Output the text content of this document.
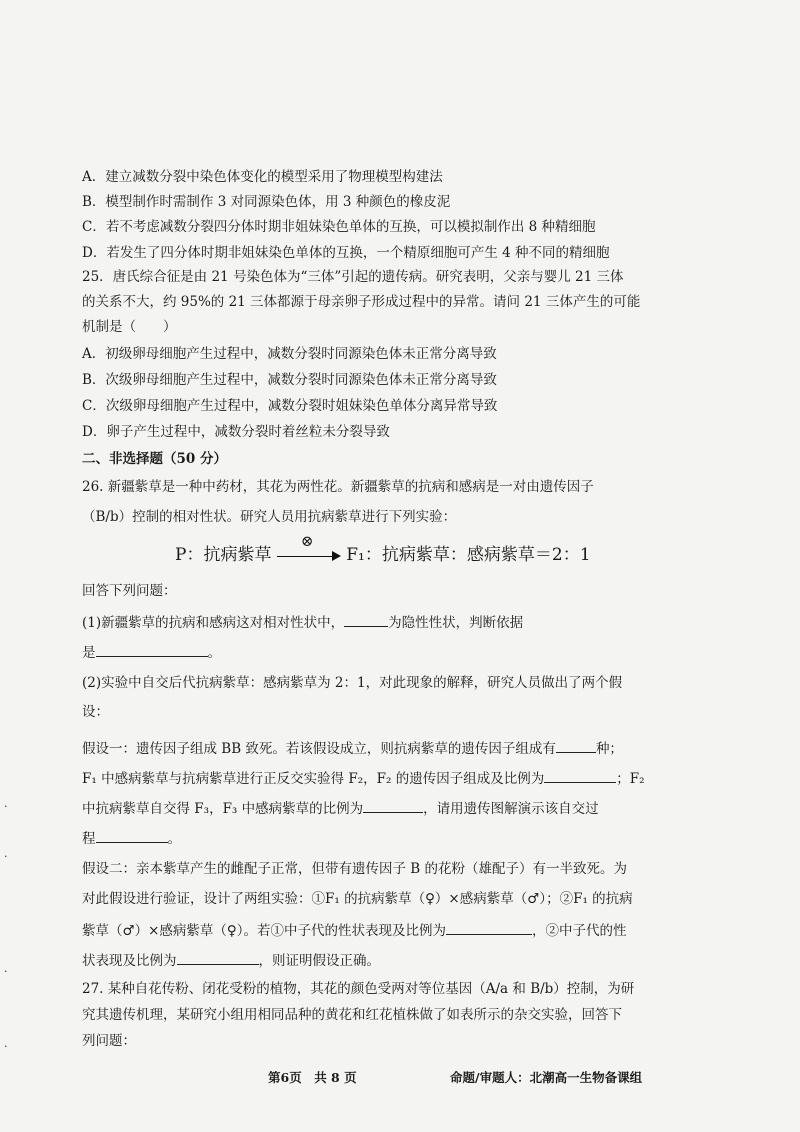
A．建立减数分裂中染色体变化的模型采用了物理模型构建法
B．模型制作时需制作 3 对同源染色体，用 3 种颜色的橡皮泥
C．若不考虑减数分裂四分体时期非姐妹染色单体的互换，可以模拟制作出 8 种精细胞
D．若发生了四分体时期非姐妹染色单体的互换，一个精原细胞可产生 4 种不同的精细胞
25．唐氏综合征是由 21 号染色体为“三体”引起的遗传病。研究表明，父亲与婴儿 21 三体
的关系不大，约 95%的 21 三体都源于母亲卵子形成过程中的异常。请问 21 三体产生的可能
机制是（　　）
A．初级卵母细胞产生过程中，减数分裂时同源染色体未正常分离导致
B．次级卵母细胞产生过程中，减数分裂时同源染色体未正常分离导致
C．次级卵母细胞产生过程中，减数分裂时姐妹染色单体分离异常导致
D．卵子产生过程中，减数分裂时着丝粒未分裂导致
二、非选择题（50 分）
26. 新疆紫草是一种中药材，其花为两性花。新疆紫草的抗病和感病是一对由遗传因子
（B/b）控制的相对性状。研究人员用抗病紫草进行下列实验：
P：抗病紫草
⊗
F₁：抗病紫草：感病紫草＝2：1
回答下列问题：
(1)新疆紫草的抗病和感病这对相对性状中，	为隐性性状，判断依据
是	。
(2)实验中自交后代抗病紫草：感病紫草为 2：1，对此现象的解释，研究人员做出了两个假
设：
假设一：遗传因子组成 BB 致死。若该假设成立，则抗病紫草的遗传因子组成有	种；
F₁ 中感病紫草与抗病紫草进行正反交实验得 F₂，F₂ 的遗传因子组成及比例为	；F₂
中抗病紫草自交得 F₃，F₃ 中感病紫草的比例为	，请用遗传图解演示该自交过
程	。
假设二：亲本紫草产生的雌配子正常，但带有遗传因子 B 的花粉（雄配子）有一半致死。为
对此假设进行验证，设计了两组实验：①F₁ 的抗病紫草（♀）×感病紫草（♂）；②F₁ 的抗病
紫草（♂）×感病紫草（♀）。若①中子代的性状表现及比例为	，②中子代的性
状表现及比例为	，则证明假设正确。
27. 某种自花传粉、闭花受粉的植物，其花的颜色受两对等位基因（A/a 和 B/b）控制，为研
究其遗传机理，某研究小组用相同品种的黄花和红花植株做了如表所示的杂交实验，回答下
列问题：
第6页　共 8 页	命题/审题人：北潮高一生物备课组
·
·
·
·
